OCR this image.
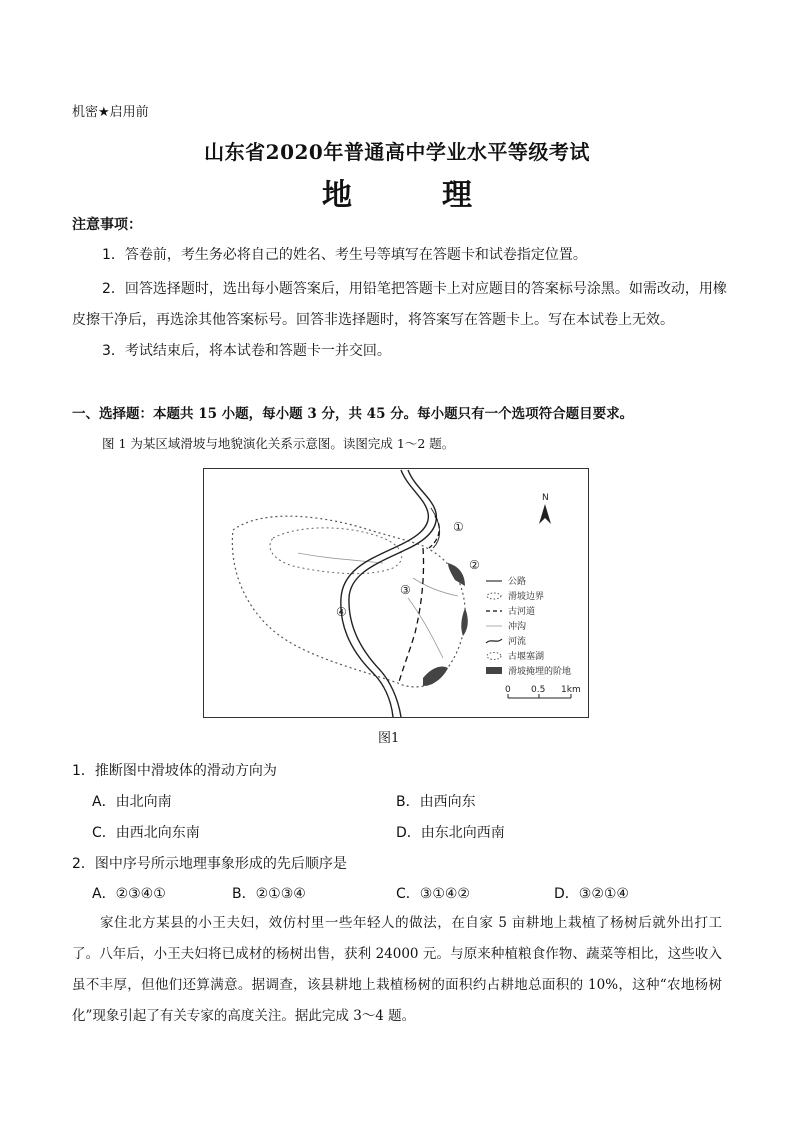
机密★启用前
山东省2020年普通高中学业水平等级考试
地　理
注意事项：
1．答卷前，考生务必将自己的姓名、考生号等填写在答题卡和试卷指定位置。
2．回答选择题时，选出每小题答案后，用铅笔把答题卡上对应题目的答案标号涂黑。如需改动，用橡
皮擦干净后，再选涂其他答案标号。回答非选择题时，将答案写在答题卡上。写在本试卷上无效。
3．考试结束后，将本试卷和答题卡一并交回。
一、选择题：本题共 15 小题，每小题 3 分，共 45 分。每小题只有一个选项符合题目要求。
图 1 为某区域滑坡与地貌演化关系示意图。读图完成 1～2 题。
①
②
③
④
N
公路
滑坡边界
古河道
冲沟
河流
古堰塞湖
滑坡掩埋的阶地
0 0.5 1km
图1
1．推断图中滑坡体的滑动方向为
A．由北向南	B．由西向东
C．由西北向东南	D．由东北向西南
2．图中序号所示地理事象形成的先后顺序是
A．②③④①	B．②①③④	C．③①④②	D．③②①④
家住北方某县的小王夫妇，效仿村里一些年轻人的做法，在自家 5 亩耕地上栽植了杨树后就外出打工了。八年后，小王夫妇将已成材的杨树出售，获利 24000 元。与原来种植粮食作物、蔬菜等相比，这些收入虽不丰厚，但他们还算满意。据调查，该县耕地上栽植杨树的面积约占耕地总面积的 10%，这种“农地杨树化”现象引起了有关专家的高度关注。据此完成 3～4 题。
